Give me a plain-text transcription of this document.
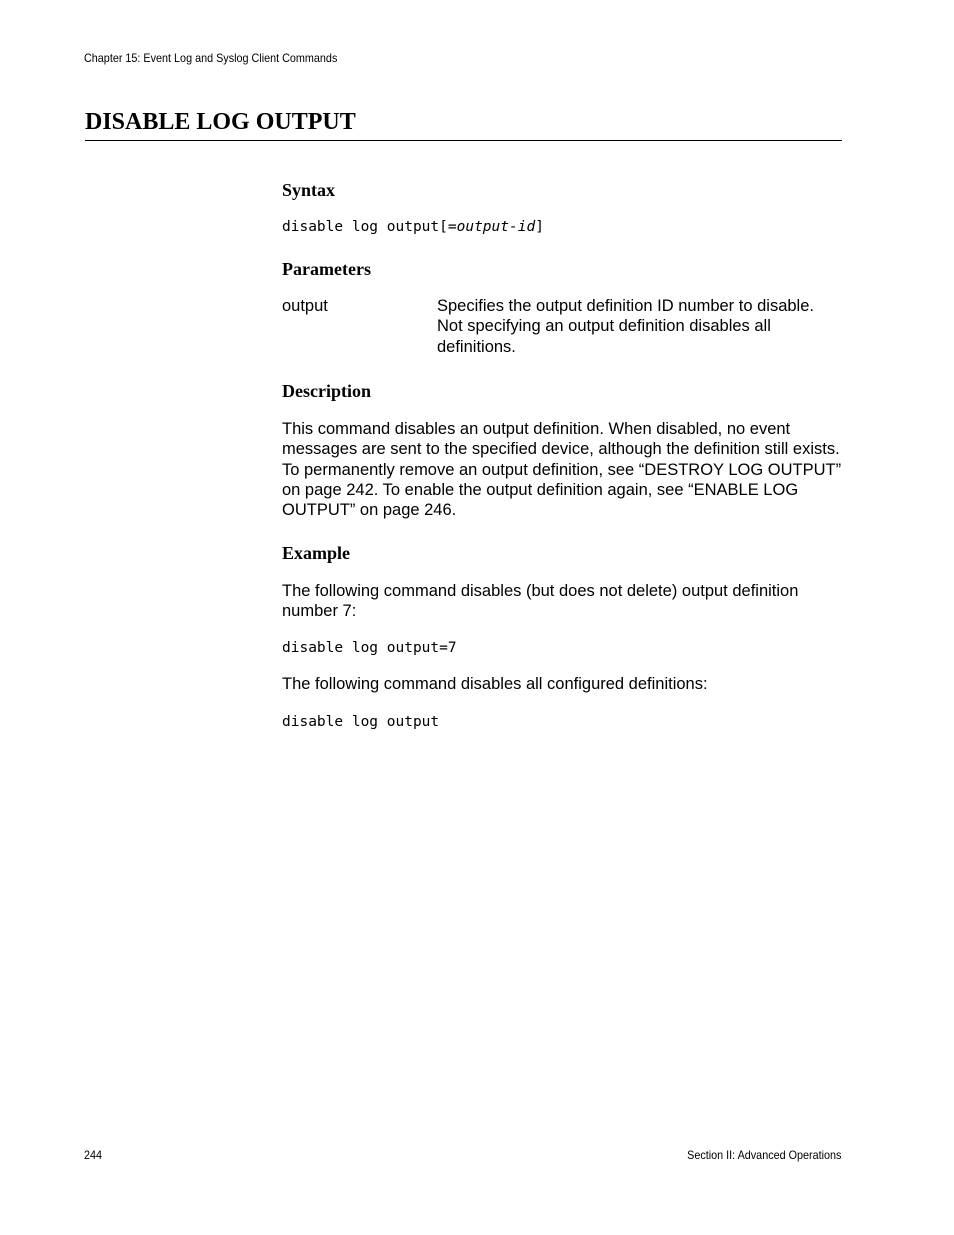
Chapter 15: Event Log and Syslog Client Commands
DISABLE LOG OUTPUT
Syntax
disable log output[=output-id]
Parameters
output	Specifies the output definition ID number to disable. Not specifying an output definition disables all definitions.

Description

This command disables an output definition. When disabled, no event messages are sent to the specified device, although the definition still exists. To permanently remove an output definition, see “DESTROY LOG OUTPUT” on page 242. To enable the output definition again, see “ENABLE LOG OUTPUT” on page 246.

Example

The following command disables (but does not delete) output definition number 7:

disable log output=7

The following command disables all configured definitions:

disable log output
244	Section II: Advanced Operations
